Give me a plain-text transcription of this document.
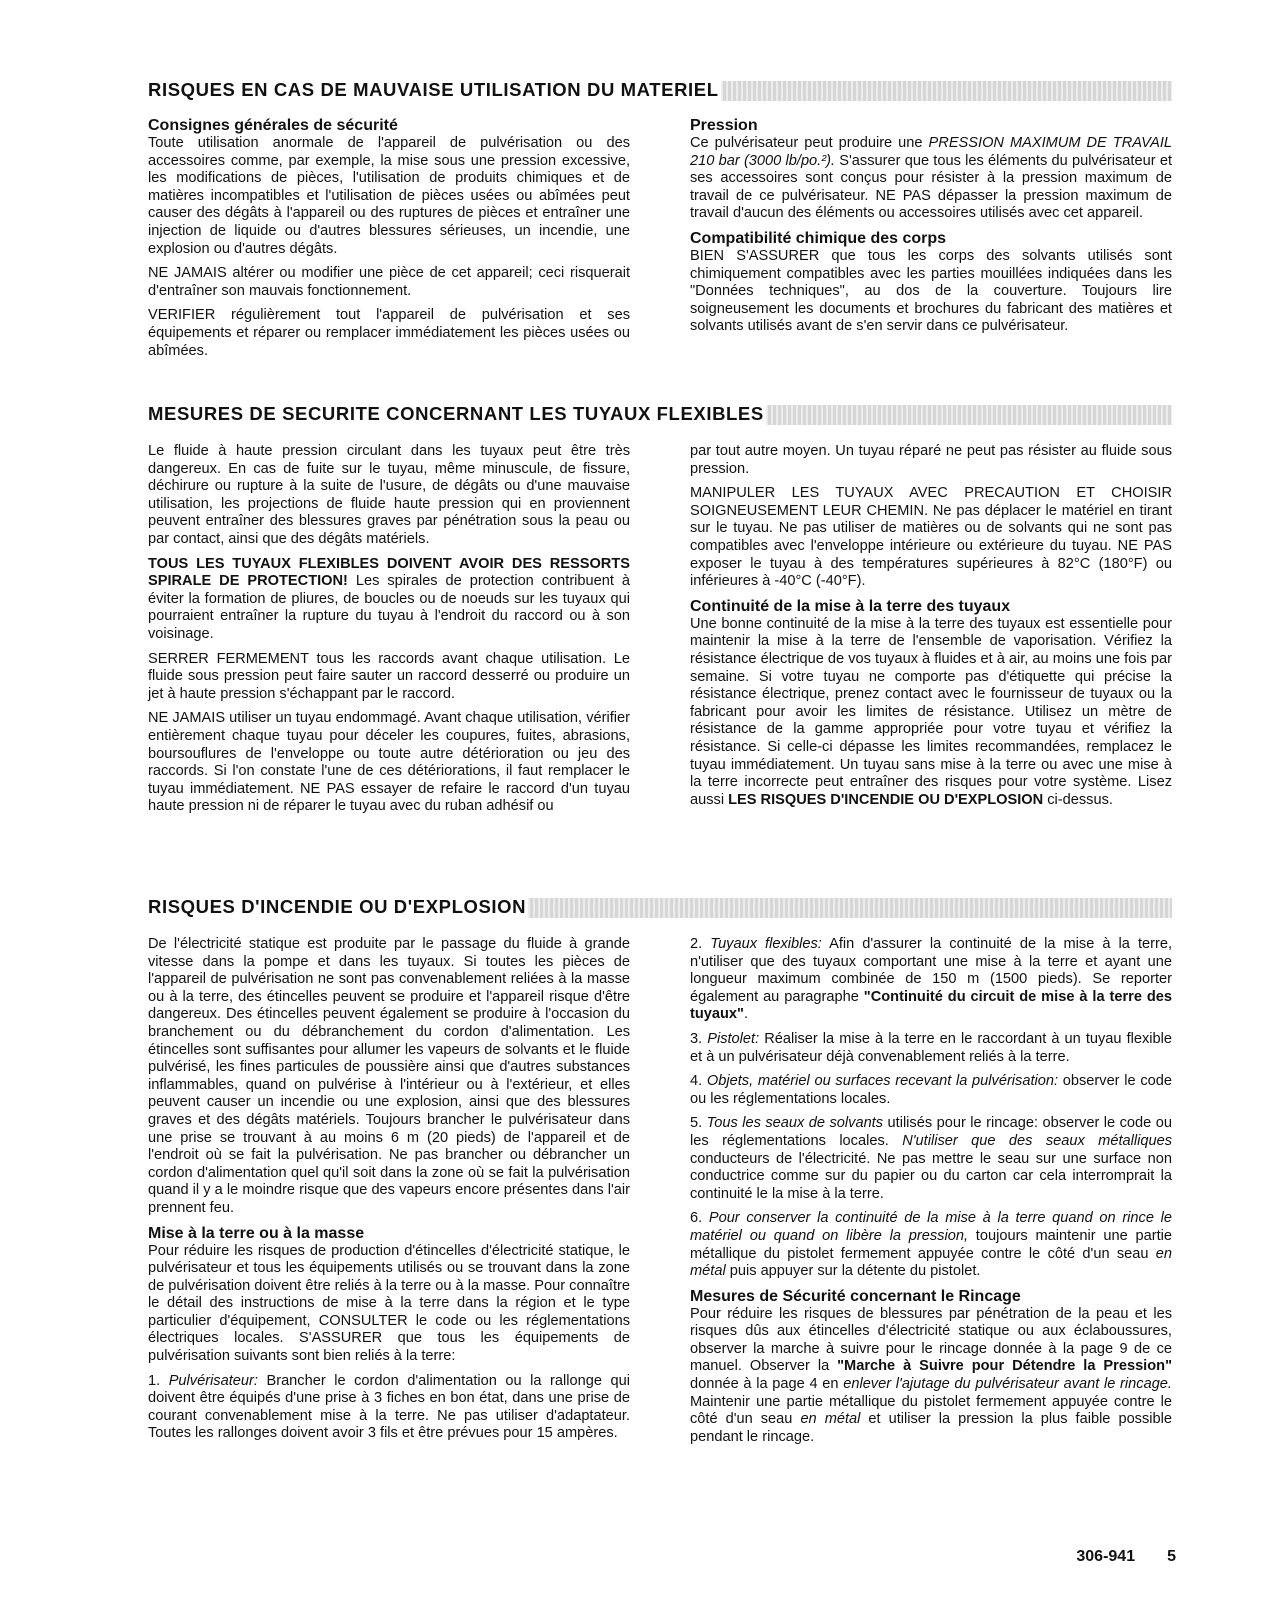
RISQUES EN CAS DE MAUVAISE UTILISATION DU MATERIEL
Consignes générales de sécurité

Toute utilisation anormale de l'appareil de pulvérisation ou des accessoires comme, par exemple, la mise sous une pression excessive, les modifications de pièces, l'utilisation de produits chimiques et de matières incompatibles et l'utilisation de pièces usées ou abîmées peut causer des dégâts à l'appareil ou des ruptures de pièces et entraîner une injection de liquide ou d'autres blessures sérieuses, un incendie, une explosion ou d'autres dégâts.

NE JAMAIS altérer ou modifier une pièce de cet appareil; ceci risquerait d'entraîner son mauvais fonctionnement.

VERIFIER régulièrement tout l'appareil de pulvérisation et ses équipements et réparer ou remplacer immédiatement les pièces usées ou abîmées.

Pression

Ce pulvérisateur peut produire une PRESSION MAXIMUM DE TRAVAIL 210 bar (3000 lb/po.²). S'assurer que tous les éléments du pulvérisateur et ses accessoires sont conçus pour résister à la pression maximum de travail de ce pulvérisateur. NE PAS dépasser la pression maximum de travail d'aucun des éléments ou accessoires utilisés avec cet appareil.

Compatibilité chimique des corps

BIEN S'ASSURER que tous les corps des solvants utilisés sont chimiquement compatibles avec les parties mouillées indiquées dans les "Données techniques", au dos de la couverture. Toujours lire soigneusement les documents et brochures du fabricant des matières et solvants utilisés avant de s'en servir dans ce pulvérisateur.

MESURES DE SECURITE CONCERNANT LES TUYAUX FLEXIBLES

Le fluide à haute pression circulant dans les tuyaux peut être très dangereux. En cas de fuite sur le tuyau, même minuscule, de fissure, déchirure ou rupture à la suite de l'usure, de dégâts ou d'une mauvaise utilisation, les projections de fluide haute pression qui en proviennent peuvent entraîner des blessures graves par pénétration sous la peau ou par contact, ainsi que des dégâts matériels.

TOUS LES TUYAUX FLEXIBLES DOIVENT AVOIR DES RESSORTS SPIRALE DE PROTECTION! Les spirales de protection contribuent à éviter la formation de pliures, de boucles ou de noeuds sur les tuyaux qui pourraient entraîner la rupture du tuyau à l'endroit du raccord ou à son voisinage.

SERRER FERMEMENT tous les raccords avant chaque utilisation. Le fluide sous pression peut faire sauter un raccord desserré ou produire un jet à haute pression s'échappant par le raccord.

NE JAMAIS utiliser un tuyau endommagé. Avant chaque utilisation, vérifier entièrement chaque tuyau pour déceler les coupures, fuites, abrasions, boursouflures de l'enveloppe ou toute autre détérioration ou jeu des raccords. Si l'on constate l'une de ces détériorations, il faut remplacer le tuyau immédiatement. NE PAS essayer de refaire le raccord d'un tuyau haute pression ni de réparer le tuyau avec du ruban adhésif ou

par tout autre moyen. Un tuyau réparé ne peut pas résister au fluide sous pression.

MANIPULER LES TUYAUX AVEC PRECAUTION ET CHOISIR SOIGNEUSEMENT LEUR CHEMIN. Ne pas déplacer le matériel en tirant sur le tuyau. Ne pas utiliser de matières ou de solvants qui ne sont pas compatibles avec l'enveloppe intérieure ou extérieure du tuyau. NE PAS exposer le tuyau à des températures supérieures à 82°C (180°F) ou inférieures à -40°C (-40°F).

Continuité de la mise à la terre des tuyaux

Une bonne continuité de la mise à la terre des tuyaux est essentielle pour maintenir la mise à la terre de l'ensemble de vaporisation. Vérifiez la résistance électrique de vos tuyaux à fluides et à air, au moins une fois par semaine. Si votre tuyau ne comporte pas d'étiquette qui précise la résistance électrique, prenez contact avec le fournisseur de tuyaux ou la fabricant pour avoir les limites de résistance. Utilisez un mètre de résistance de la gamme appropriée pour votre tuyau et vérifiez la résistance. Si celle-ci dépasse les limites recommandées, remplacez le tuyau immédiatement. Un tuyau sans mise à la terre ou avec une mise à la terre incorrecte peut entraîner des risques pour votre système. Lisez aussi LES RISQUES D'INCENDIE OU D'EXPLOSION ci-dessus.

RISQUES D'INCENDIE OU D'EXPLOSION

De l'électricité statique est produite par le passage du fluide à grande vitesse dans la pompe et dans les tuyaux. Si toutes les pièces de l'appareil de pulvérisation ne sont pas convenablement reliées à la masse ou à la terre, des étincelles peuvent se produire et l'appareil risque d'être dangereux. Des étincelles peuvent également se produire à l'occasion du branchement ou du débranchement du cordon d'alimentation. Les étincelles sont suffisantes pour allumer les vapeurs de solvants et le fluide pulvérisé, les fines particules de poussière ainsi que d'autres substances inflammables, quand on pulvérise à l'intérieur ou à l'extérieur, et elles peuvent causer un incendie ou une explosion, ainsi que des blessures graves et des dégâts matériels. Toujours brancher le pulvérisateur dans une prise se trouvant à au moins 6 m (20 pieds) de l'appareil et de l'endroit où se fait la pulvérisation. Ne pas brancher ou débrancher un cordon d'alimentation quel qu'il soit dans la zone où se fait la pulvérisation quand il y a le moindre risque que des vapeurs encore présentes dans l'air prennent feu.

Mise à la terre ou à la masse

Pour réduire les risques de production d'étincelles d'électricité statique, le pulvérisateur et tous les équipements utilisés ou se trouvant dans la zone de pulvérisation doivent être reliés à la terre ou à la masse. Pour connaître le détail des instructions de mise à la terre dans la région et le type particulier d'équipement, CONSULTER le code ou les réglementations électriques locales. S'ASSURER que tous les équipements de pulvérisation suivants sont bien reliés à la terre:

1. Pulvérisateur: Brancher le cordon d'alimentation ou la rallonge qui doivent être équipés d'une prise à 3 fiches en bon état, dans une prise de courant convenablement mise à la terre. Ne pas utiliser d'adaptateur. Toutes les rallonges doivent avoir 3 fils et être prévues pour 15 ampères.

2. Tuyaux flexibles: Afin d'assurer la continuité de la mise à la terre, n'utiliser que des tuyaux comportant une mise à la terre et ayant une longueur maximum combinée de 150 m (1500 pieds). Se reporter également au paragraphe "Continuité du circuit de mise à la terre des tuyaux".

3. Pistolet: Réaliser la mise à la terre en le raccordant à un tuyau flexible et à un pulvérisateur déjà convenablement reliés à la terre.

4. Objets, matériel ou surfaces recevant la pulvérisation: observer le code ou les réglementations locales.

5. Tous les seaux de solvants utilisés pour le rincage: observer le code ou les réglementations locales. N'utiliser que des seaux métalliques conducteurs de l'électricité. Ne pas mettre le seau sur une surface non conductrice comme sur du papier ou du carton car cela interromprait la continuité le la mise à la terre.

6. Pour conserver la continuité de la mise à la terre quand on rince le matériel ou quand on libère la pression, toujours maintenir une partie métallique du pistolet fermement appuyée contre le côté d'un seau en métal puis appuyer sur la détente du pistolet.

Mesures de Sécurité concernant le Rincage

Pour réduire les risques de blessures par pénétration de la peau et les risques dûs aux étincelles d'électricité statique ou aux éclaboussures, observer la marche à suivre pour le rincage donnée à la page 9 de ce manuel. Observer la "Marche à Suivre pour Détendre la Pression" donnée à la page 4 en enlever l'ajutage du pulvérisateur avant le rincage. Maintenir une partie métallique du pistolet fermement appuyée contre le côté d'un seau en métal et utiliser la pression la plus faible possible pendant le rincage.

306-941 5
